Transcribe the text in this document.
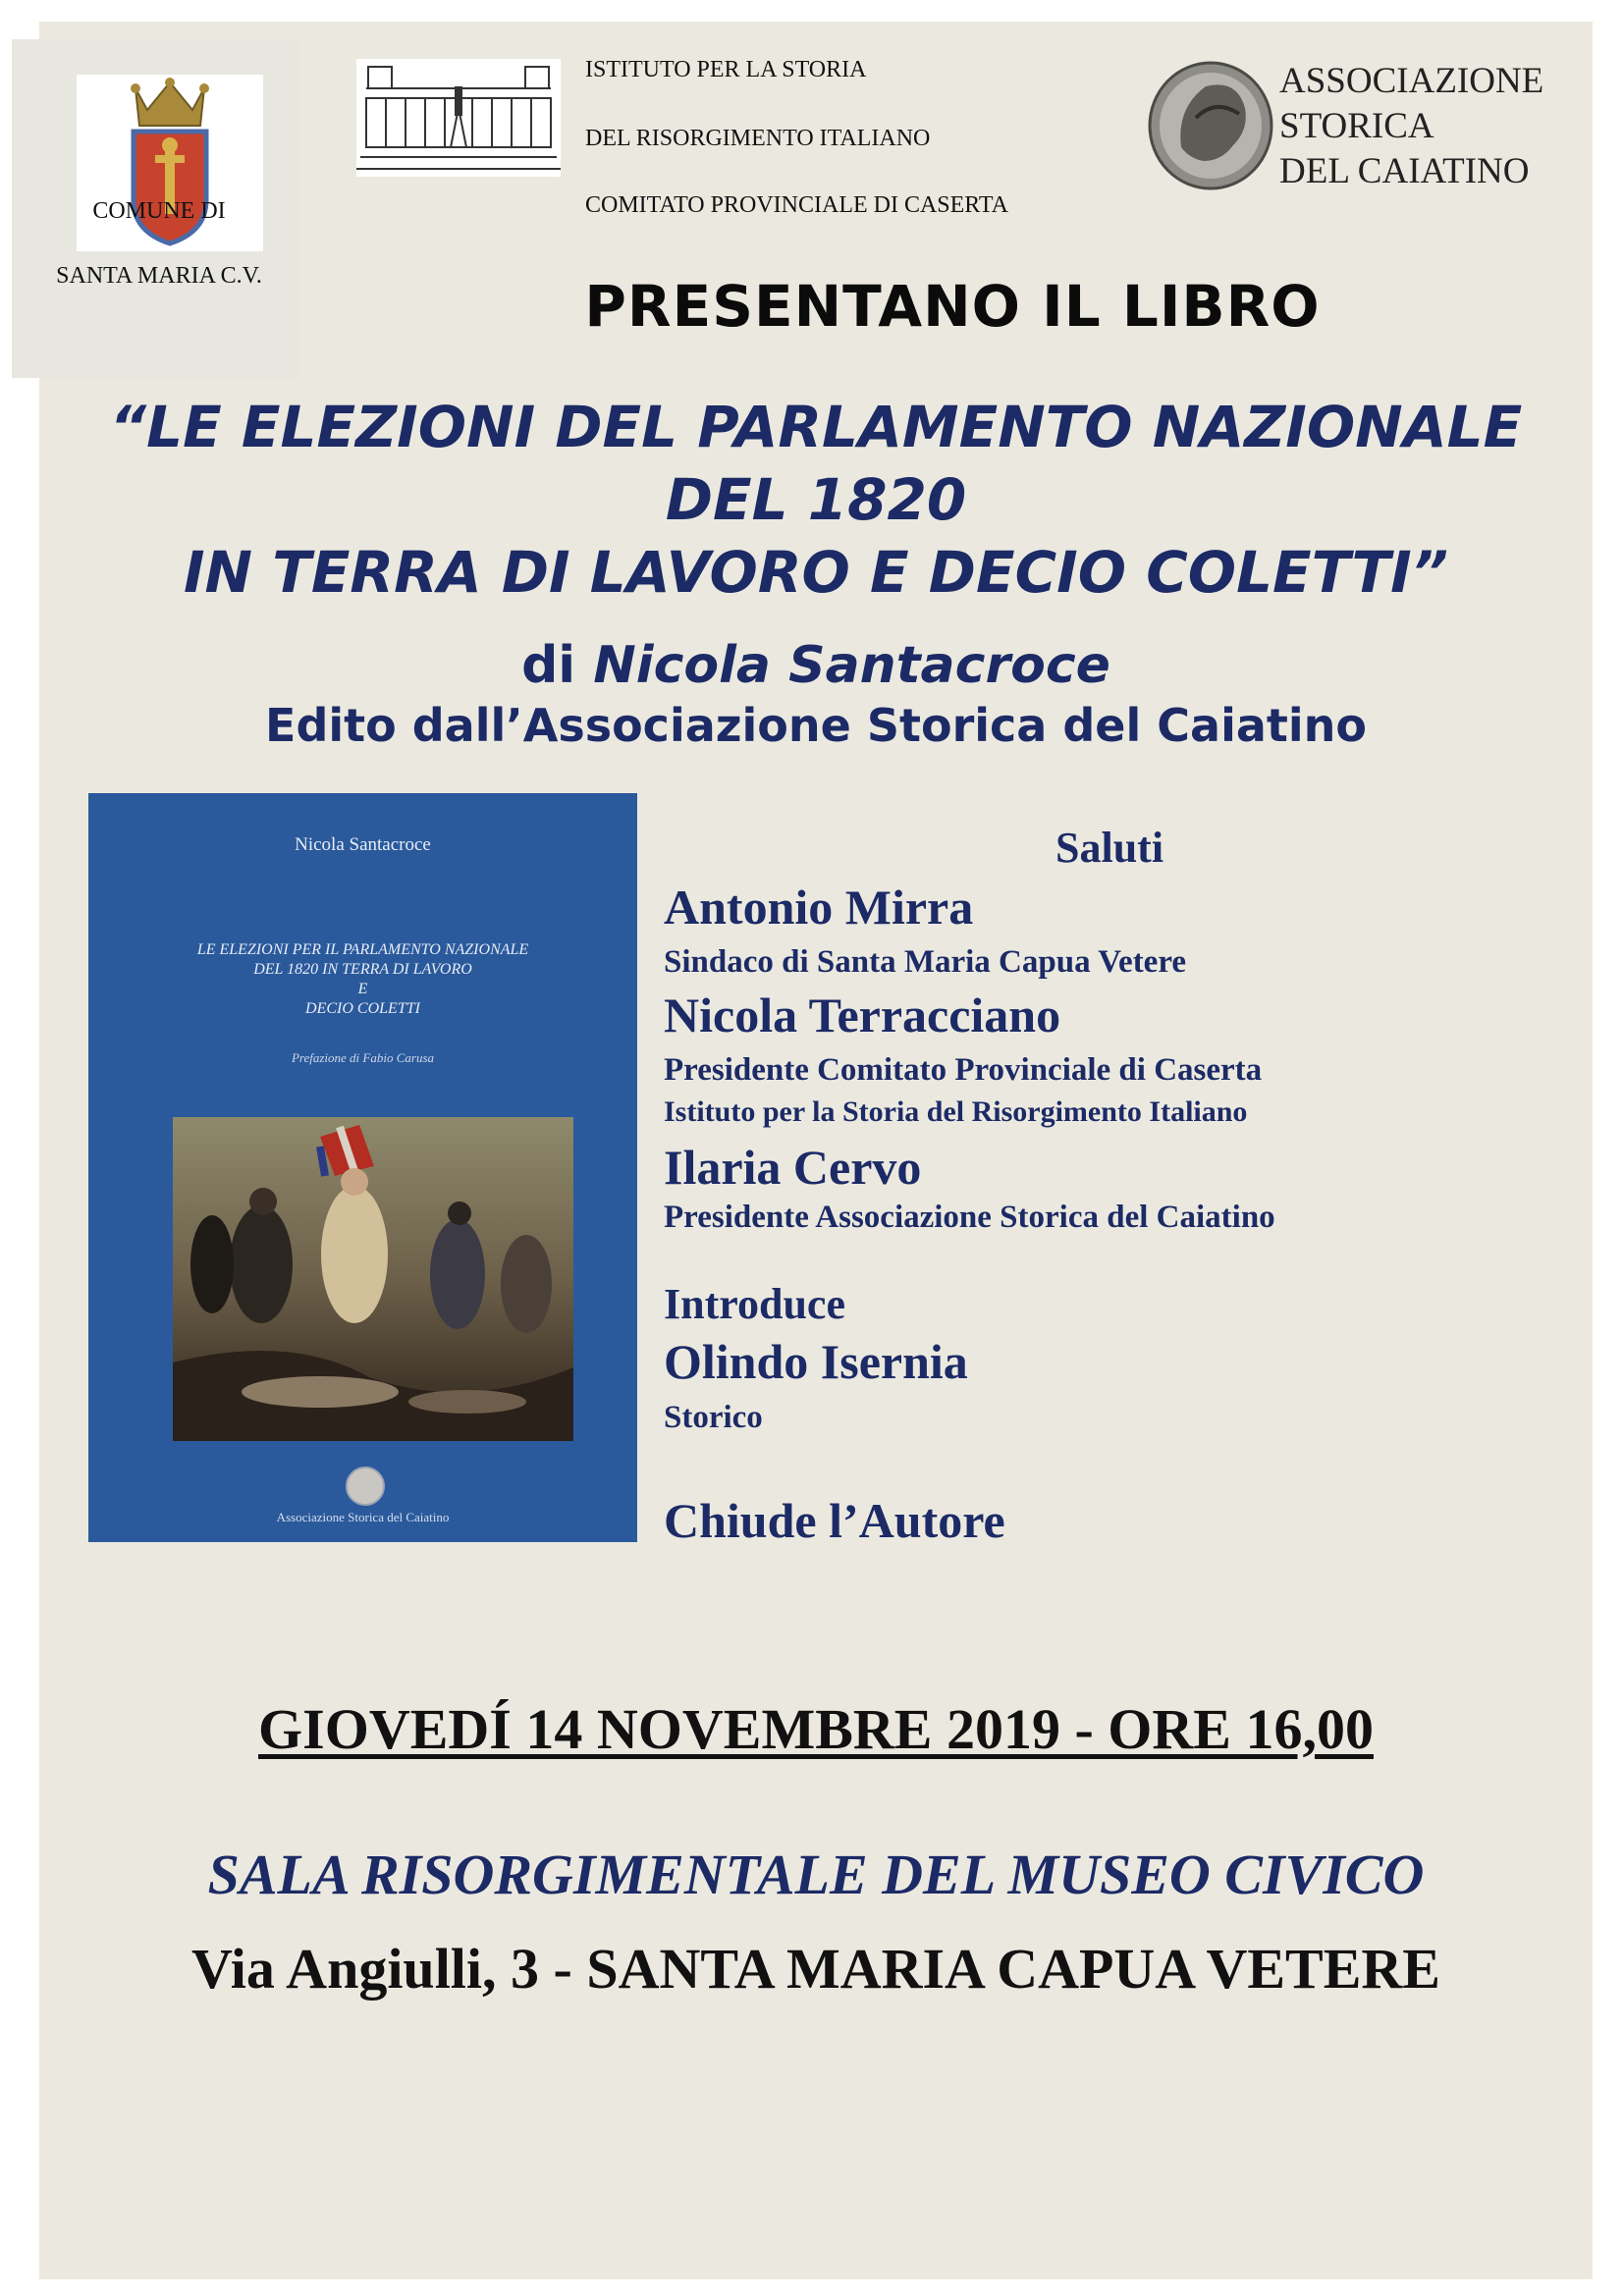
COMUNE DI
SANTA MARIA C.V.
ISTITUTO PER LA STORIA
DEL RISORGIMENTO ITALIANO
COMITATO PROVINCIALE DI CASERTA
ASSOCIAZIONE
STORICA
DEL CAIATINO
PRESENTANO IL LIBRO
“LE ELEZIONI DEL PARLAMENTO NAZIONALE
DEL 1820
IN TERRA DI LAVORO E DECIO COLETTI”
di Nicola Santacroce
Edito dall’Associazione Storica del Caiatino
Nicola Santacroce
LE ELEZIONI PER IL PARLAMENTO NAZIONALE
DEL 1820 IN TERRA DI LAVORO
E
DECIO COLETTI
Prefazione di Fabio Carusa
Associazione Storica del Caiatino
Saluti
Antonio Mirra
Sindaco di Santa Maria Capua Vetere
Nicola Terracciano
Presidente Comitato Provinciale di Caserta
Istituto per la Storia del Risorgimento Italiano
Ilaria Cervo
Presidente Associazione Storica del Caiatino
Introduce
Olindo Isernia
Storico
Chiude l’Autore
GIOVEDÍ 14 NOVEMBRE 2019 - ORE 16,00
SALA RISORGIMENTALE DEL MUSEO CIVICO
Via Angiulli, 3 - SANTA MARIA CAPUA VETERE
